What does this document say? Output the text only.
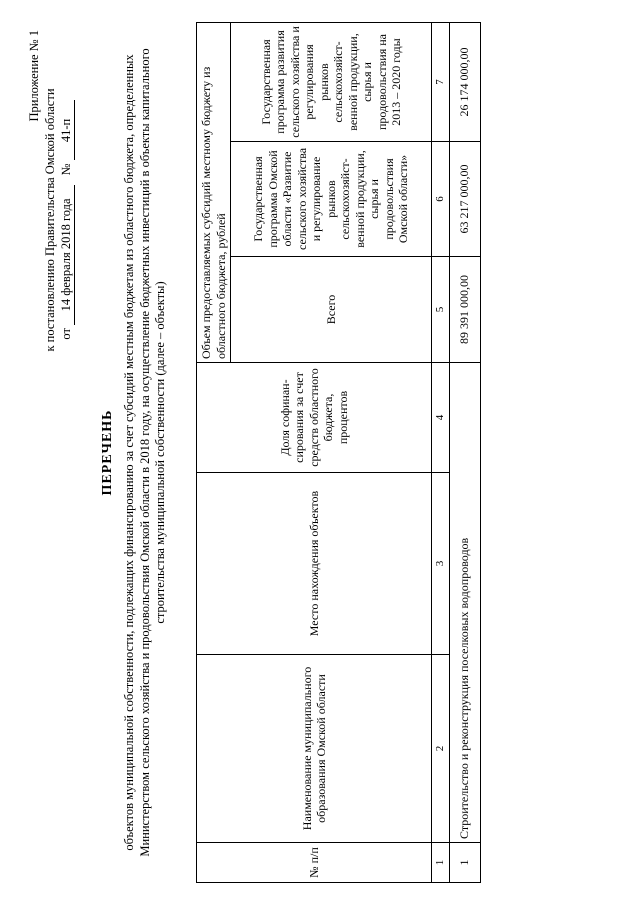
Приложение № 1
к постановлению Правительства Омской области от 14 февраля 2018 года   № 41-п
ПЕРЕЧЕНЬ объектов муниципальной собственности, подлежащих финансированию за счет субсидий местным бюджетам из областного бюджета, определенных Министерством сельского хозяйства и продовольствия Омской области в 2018 году, на осуществление бюджетных инвестиций в объекты капитального строительства муниципальной собственности (далее – объекты)
№ п/п	Наименование муниципального образования Омской области	Место нахождения объектов	Доля софинан-сирования за счет средств областного бюджета, процентов	Объем предоставляемых субсидий местному бюджету из областного бюджета, рублей		
				Всего	Государственная программа Омской области «Развитие сельского хозяйства и регулирование рынков сельскохозяйст-венной продукции, сырья и продовольствия Омской области»	Государственная программа развития сельского хозяйства и регулирования рынков сельскохозяйст-венной продукции, сырья и продовольствия на 2013 – 2020 годы
1	2	3	4	5	6	7
1	Строительство и реконструкция поселковых водопроводов			89 391 000,00	63 217 000,00	26 174 000,00
